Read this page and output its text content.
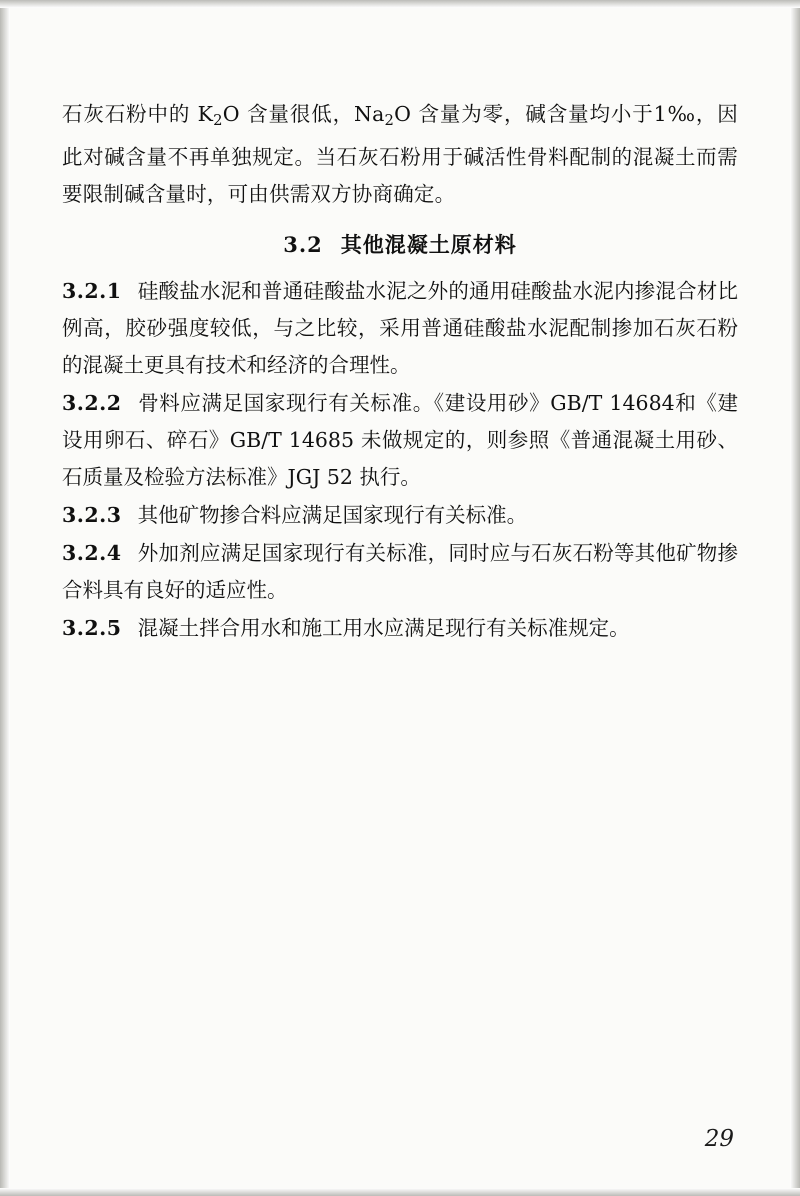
石灰石粉中的 $K_2O$ 含量很低，$Na_2O$ 含量为零，碱含量均小于1‰，因此对碱含量不再单独规定。当石灰石粉用于碱活性骨料配制的混凝土而需要限制碱含量时，可由供需双方协商确定。

3.2 其他混凝土原材料

3.2.1 硅酸盐水泥和普通硅酸盐水泥之外的通用硅酸盐水泥内掺混合材比例高，胶砂强度较低，与之比较，采用普通硅酸盐水泥配制掺加石灰石粉的混凝土更具有技术和经济的合理性。

3.2.2 骨料应满足国家现行有关标准。《建设用砂》GB/T 14684和《建设用卵石、碎石》GB/T 14685 未做规定的，则参照《普通混凝土用砂、石质量及检验方法标准》JGJ 52 执行。

3.2.3 其他矿物掺合料应满足国家现行有关标准。

3.2.4 外加剂应满足国家现行有关标准，同时应与石灰石粉等其他矿物掺合料具有良好的适应性。

3.2.5 混凝土拌合用水和施工用水应满足现行有关标准规定。

29
